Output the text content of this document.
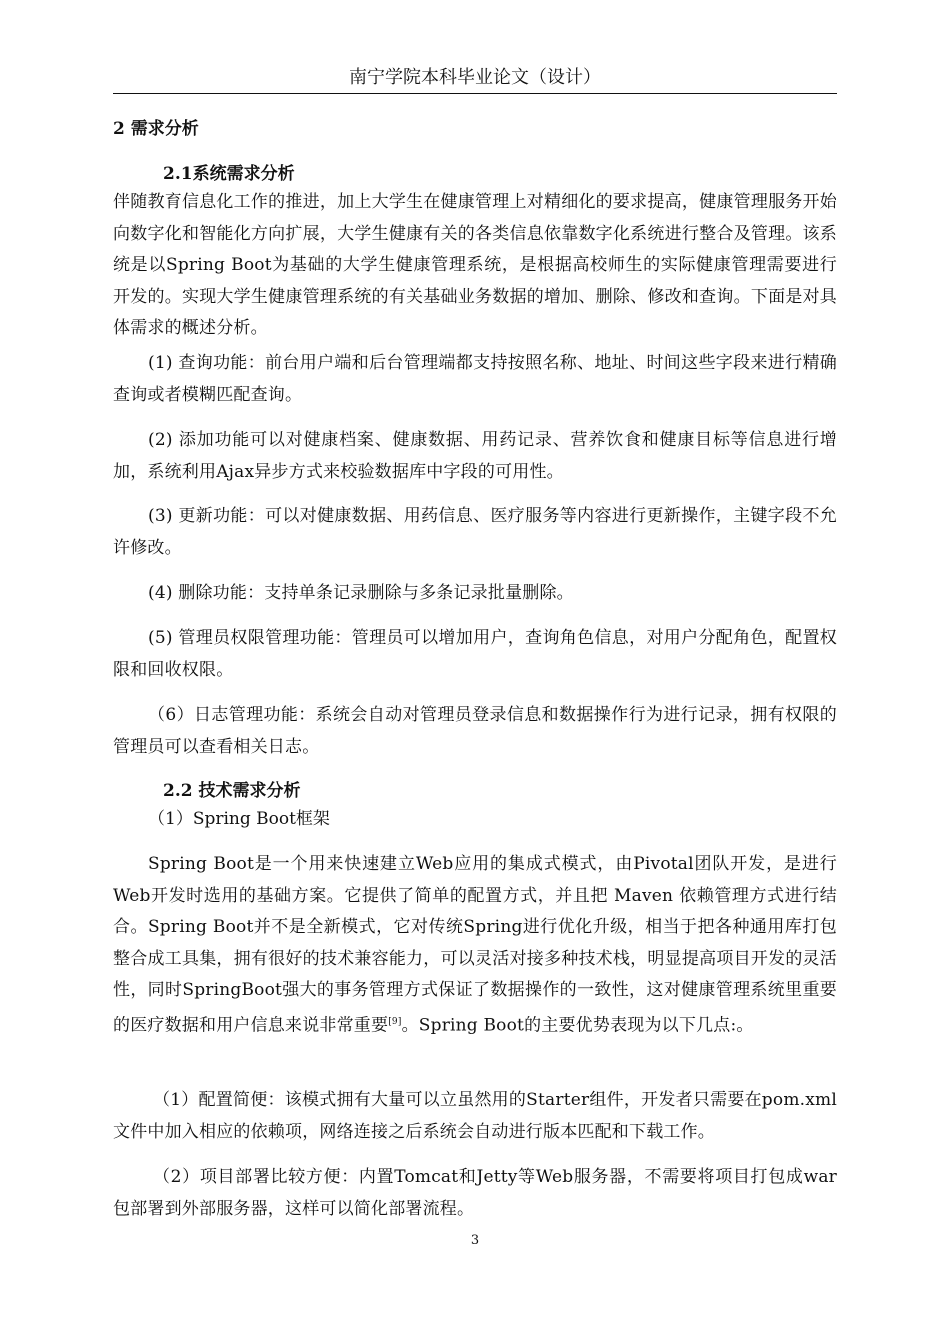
南宁学院本科毕业论文（设计）
2 需求分析
2.1系统需求分析
伴随教育信息化工作的推进，加上大学生在健康管理上对精细化的要求提高，健康管理服务开始向数字化和智能化方向扩展，大学生健康有关的各类信息依靠数字化系统进行整合及管理。该系统是以Spring Boot为基础的大学生健康管理系统，是根据高校师生的实际健康管理需要进行开发的。实现大学生健康管理系统的有关基础业务数据的增加、删除、修改和查询。下面是对具体需求的概述分析。
(1) 查询功能：前台用户端和后台管理端都支持按照名称、地址、时间这些字段来进行精确查询或者模糊匹配查询。
(2) 添加功能可以对健康档案、健康数据、用药记录、营养饮食和健康目标等信息进行增加，系统利用Ajax异步方式来校验数据库中字段的可用性。
(3) 更新功能：可以对健康数据、用药信息、医疗服务等内容进行更新操作，主键字段不允许修改。
(4) 删除功能：支持单条记录删除与多条记录批量删除。
(5) 管理员权限管理功能：管理员可以增加用户，查询角色信息，对用户分配角色，配置权限和回收权限。
（6）日志管理功能：系统会自动对管理员登录信息和数据操作行为进行记录，拥有权限的管理员可以查看相关日志。
2.2 技术需求分析
（1）Spring Boot框架
Spring Boot是一个用来快速建立Web应用的集成式模式，由Pivotal团队开发，是进行Web开发时选用的基础方案。它提供了简单的配置方式，并且把 Maven 依赖管理方式进行结合。Spring Boot并不是全新模式，它对传统Spring进行优化升级，相当于把各种通用库打包整合成工具集，拥有很好的技术兼容能力，可以灵活对接多种技术栈，明显提高项目开发的灵活性，同时SpringBoot强大的事务管理方式保证了数据操作的一致性，这对健康管理系统里重要的医疗数据和用户信息来说非常重要[9]。Spring Boot的主要优势表现为以下几点:。
（1）配置简便：该模式拥有大量可以立虽然用的Starter组件，开发者只需要在pom.xml文件中加入相应的依赖项，网络连接之后系统会自动进行版本匹配和下载工作。
（2）项目部署比较方便：内置Tomcat和Jetty等Web服务器，不需要将项目打包成war包部署到外部服务器，这样可以简化部署流程。
3
